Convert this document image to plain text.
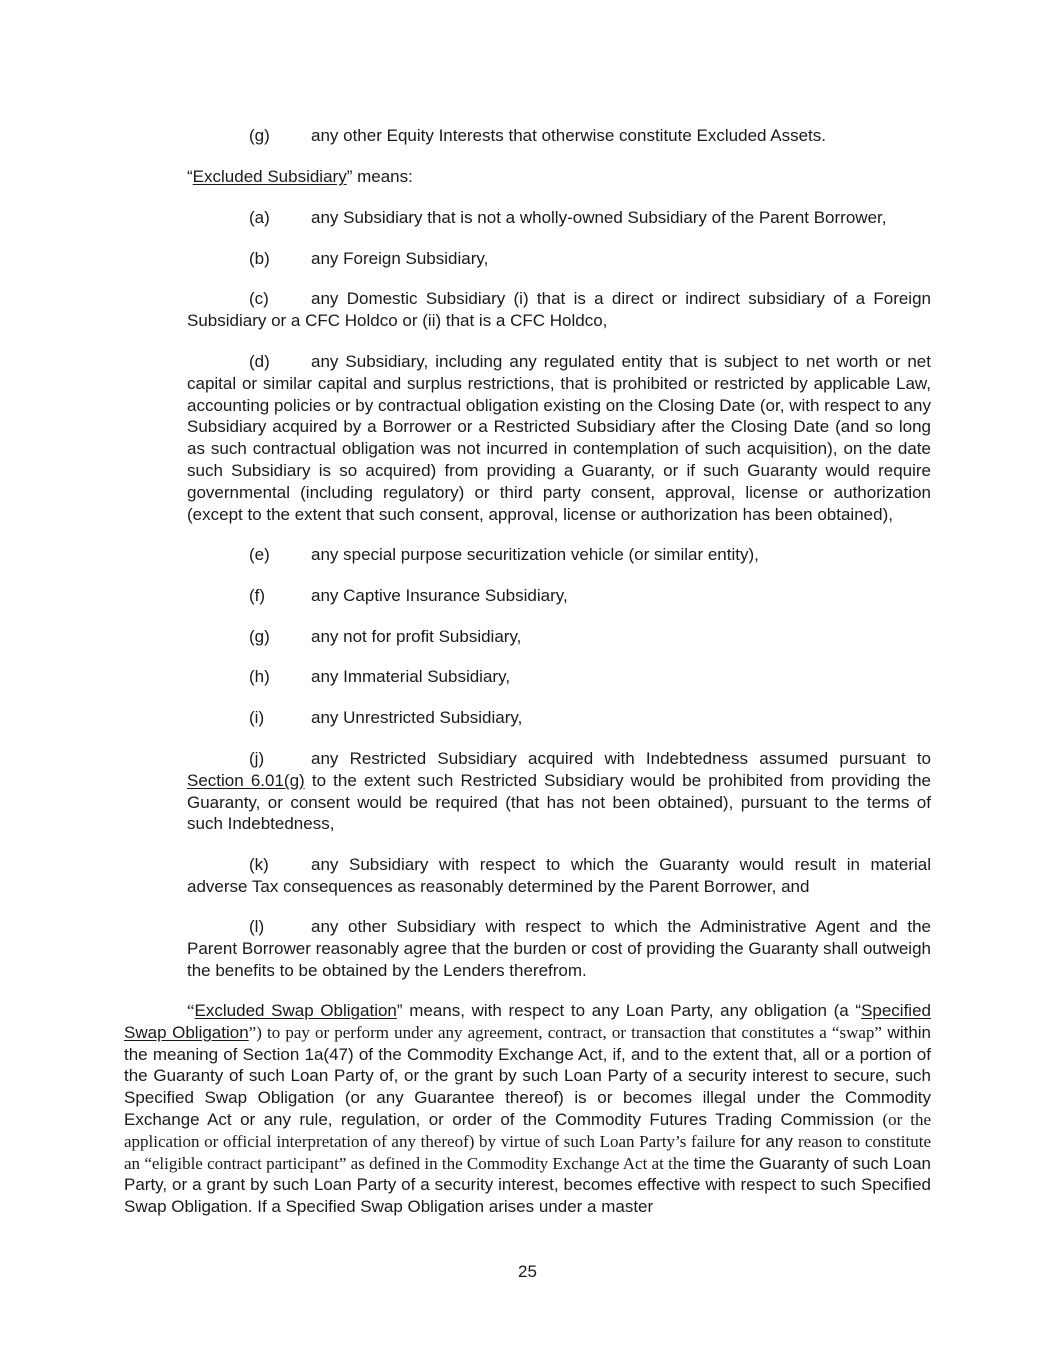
(g) any other Equity Interests that otherwise constitute Excluded Assets.

“Excluded Subsidiary” means:

(a) any Subsidiary that is not a wholly-owned Subsidiary of the Parent Borrower,

(b) any Foreign Subsidiary,

(c) any Domestic Subsidiary (i) that is a direct or indirect subsidiary of a Foreign Subsidiary or a CFC Holdco or (ii) that is a CFC Holdco,

(d) any Subsidiary, including any regulated entity that is subject to net worth or net capital or similar capital and surplus restrictions, that is prohibited or restricted by applicable Law, accounting policies or by contractual obligation existing on the Closing Date (or, with respect to any Subsidiary acquired by a Borrower or a Restricted Subsidiary after the Closing Date (and so long as such contractual obligation was not incurred in contemplation of such acquisition), on the date such Subsidiary is so acquired) from providing a Guaranty, or if such Guaranty would require governmental (including regulatory) or third party consent, approval, license or authorization (except to the extent that such consent, approval, license or authorization has been obtained),

(e) any special purpose securitization vehicle (or similar entity),

(f)	any Captive Insurance Subsidiary,

(g) any not for profit Subsidiary,

(h) any Immaterial Subsidiary,

(i)	any Unrestricted Subsidiary,

(j)	any Restricted Subsidiary acquired with Indebtedness assumed pursuant to Section 6.01(g) to the extent such Restricted Subsidiary would be prohibited from providing the Guaranty, or consent would be required (that has not been obtained), pursuant to the terms of such Indebtedness,

(k) any Subsidiary with respect to which the Guaranty would result in material adverse Tax consequences as reasonably determined by the Parent Borrower, and

(l)	any other Subsidiary with respect to which the Administrative Agent and the Parent Borrower reasonably agree that the burden or cost of providing the Guaranty shall outweigh the benefits to be obtained by the Lenders therefrom.

“Excluded Swap Obligation” means, with respect to any Loan Party, any obligation (a “Specified Swap Obligation”) to pay or perform under any agreement, contract, or transaction that constitutes a “swap” within the meaning of Section 1a(47) of the Commodity Exchange Act, if, and to the extent that, all or a portion of the Guaranty of such Loan Party of, or the grant by such Loan Party of a security interest to secure, such Specified Swap Obligation (or any Guarantee thereof) is or becomes illegal under the Commodity Exchange Act or any rule, regulation, or order of the Commodity Futures Trading Commission (or the application or official interpretation of any thereof) by virtue of such Loan Party’s failure for any reason to constitute an “eligible contract participant” as defined in the Commodity Exchange Act at the time the Guaranty of such Loan Party, or a grant by such Loan Party of a security interest, becomes effective with respect to such Specified Swap Obligation. If a Specified Swap Obligation arises under a master

25
